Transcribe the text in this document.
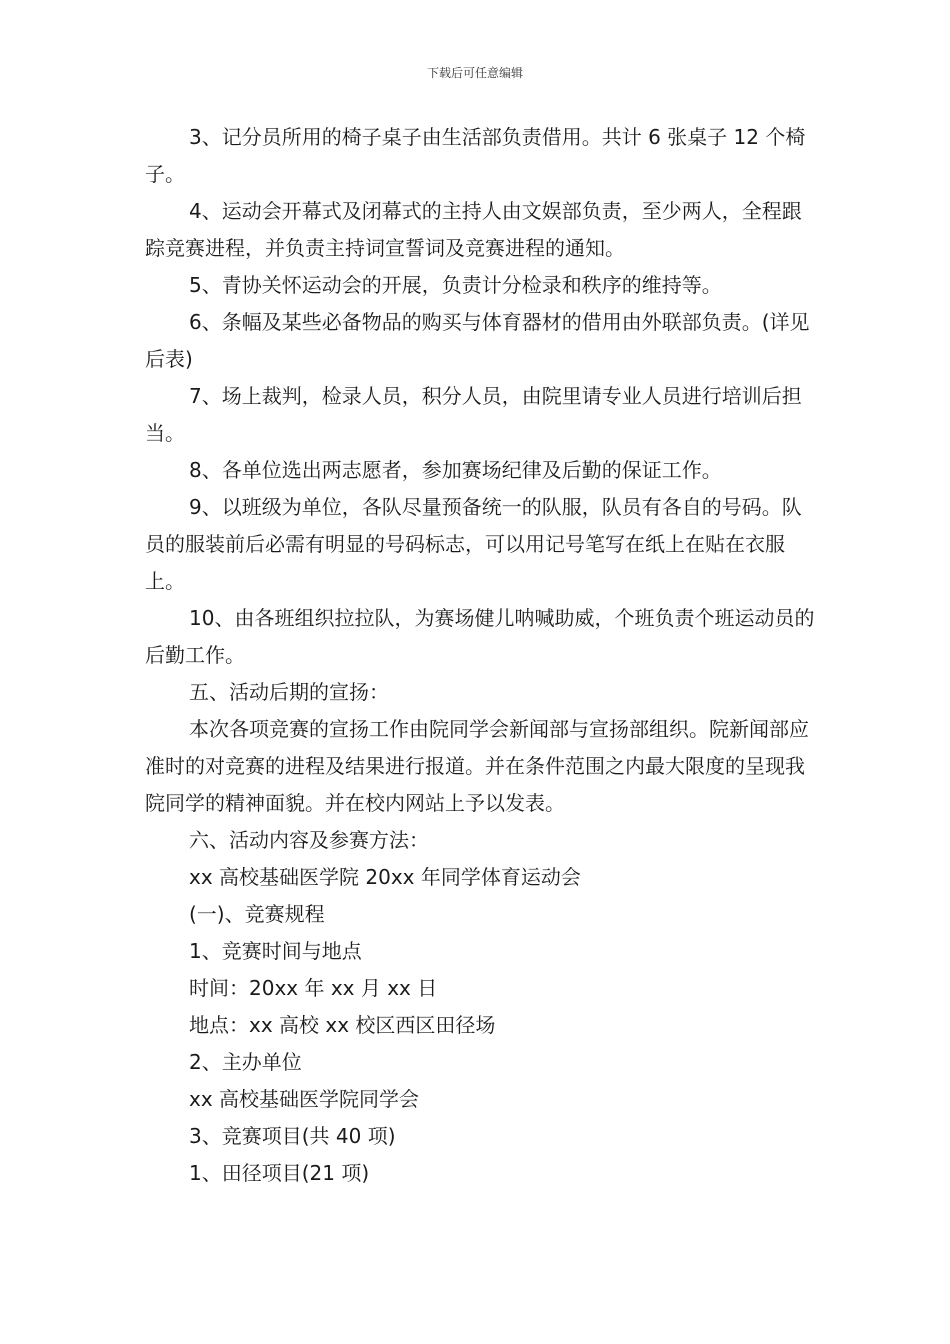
下载后可任意编辑

3、记分员所用的椅子桌子由生活部负责借用。共计 6 张桌子 12 个椅子。

4、运动会开幕式及闭幕式的主持人由文娱部负责，至少两人，全程跟踪竞赛进程，并负责主持词宣誓词及竞赛进程的通知。

5、青协关怀运动会的开展，负责计分检录和秩序的维持等。

6、条幅及某些必备物品的购买与体育器材的借用由外联部负责。(详见后表)

7、场上裁判，检录人员，积分人员，由院里请专业人员进行培训后担当。

8、各单位选出两志愿者，参加赛场纪律及后勤的保证工作。

9、以班级为单位，各队尽量预备统一的队服，队员有各自的号码。队员的服装前后必需有明显的号码标志，可以用记号笔写在纸上在贴在衣服上。

10、由各班组织拉拉队，为赛场健儿呐喊助威，个班负责个班运动员的后勤工作。

五、活动后期的宣扬：

本次各项竞赛的宣扬工作由院同学会新闻部与宣扬部组织。院新闻部应准时的对竞赛的进程及结果进行报道。并在条件范围之内最大限度的呈现我院同学的精神面貌。并在校内网站上予以发表。

六、活动内容及参赛方法：

xx 高校基础医学院 20xx 年同学体育运动会

(一)、竞赛规程

1、竞赛时间与地点

时间：20xx 年 xx 月 xx 日

地点：xx 高校 xx 校区西区田径场

2、主办单位

xx 高校基础医学院同学会

3、竞赛项目(共 40 项)

1、田径项目(21 项)
